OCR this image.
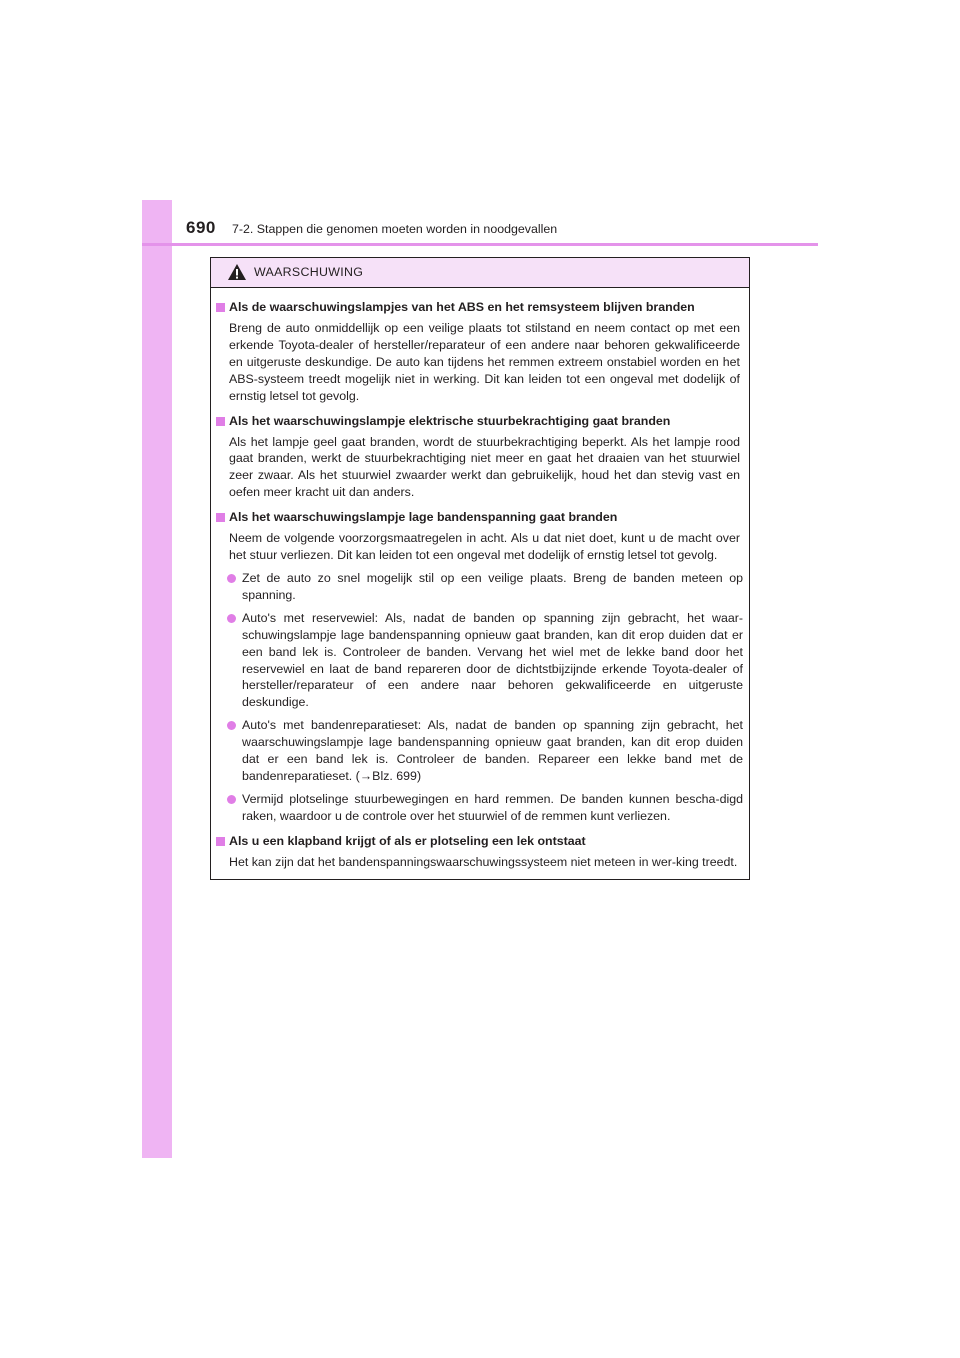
690 7-2. Stappen die genomen moeten worden in noodgevallen
WAARSCHUWING
Als de waarschuwingslampjes van het ABS en het remsysteem blijven branden
Breng de auto onmiddellijk op een veilige plaats tot stilstand en neem contact op met een erkende Toyota-dealer of hersteller/reparateur of een andere naar behoren gekwalificeerde en uitgeruste deskundige. De auto kan tijdens het remmen extreem onstabiel worden en het ABS-systeem treedt mogelijk niet in werking. Dit kan leiden tot een ongeval met dodelijk of ernstig letsel tot gevolg.
Als het waarschuwingslampje elektrische stuurbekrachtiging gaat branden
Als het lampje geel gaat branden, wordt de stuurbekrachtiging beperkt. Als het lampje rood gaat branden, werkt de stuurbekrachtiging niet meer en gaat het draaien van het stuurwiel zeer zwaar. Als het stuurwiel zwaarder werkt dan gebruikelijk, houd het dan stevig vast en oefen meer kracht uit dan anders.
Als het waarschuwingslampje lage bandenspanning gaat branden
Neem de volgende voorzorgsmaatregelen in acht. Als u dat niet doet, kunt u de macht over het stuur verliezen. Dit kan leiden tot een ongeval met dodelijk of ernstig letsel tot gevolg.
Zet de auto zo snel mogelijk stil op een veilige plaats. Breng de banden meteen op spanning.
Auto's met reservewiel: Als, nadat de banden op spanning zijn gebracht, het waar-schuwingslampje lage bandenspanning opnieuw gaat branden, kan dit erop duiden dat er een band lek is. Controleer de banden. Vervang het wiel met de lekke band door het reservewiel en laat de band repareren door de dichtstbijzijnde erkende Toyota-dealer of hersteller/reparateur of een andere naar behoren gekwalificeerde en uitgeruste deskundige.
Auto's met bandenreparatieset: Als, nadat de banden op spanning zijn gebracht, het waarschuwingslampje lage bandenspanning opnieuw gaat branden, kan dit erop duiden dat er een band lek is. Controleer de banden. Repareer een lekke band met de bandenreparatieset. (→Blz. 699)
Vermijd plotselinge stuurbewegingen en hard remmen. De banden kunnen bescha-digd raken, waardoor u de controle over het stuurwiel of de remmen kunt verliezen.
Als u een klapband krijgt of als er plotseling een lek ontstaat
Het kan zijn dat het bandenspanningswaarschuwingssysteem niet meteen in wer-king treedt.
